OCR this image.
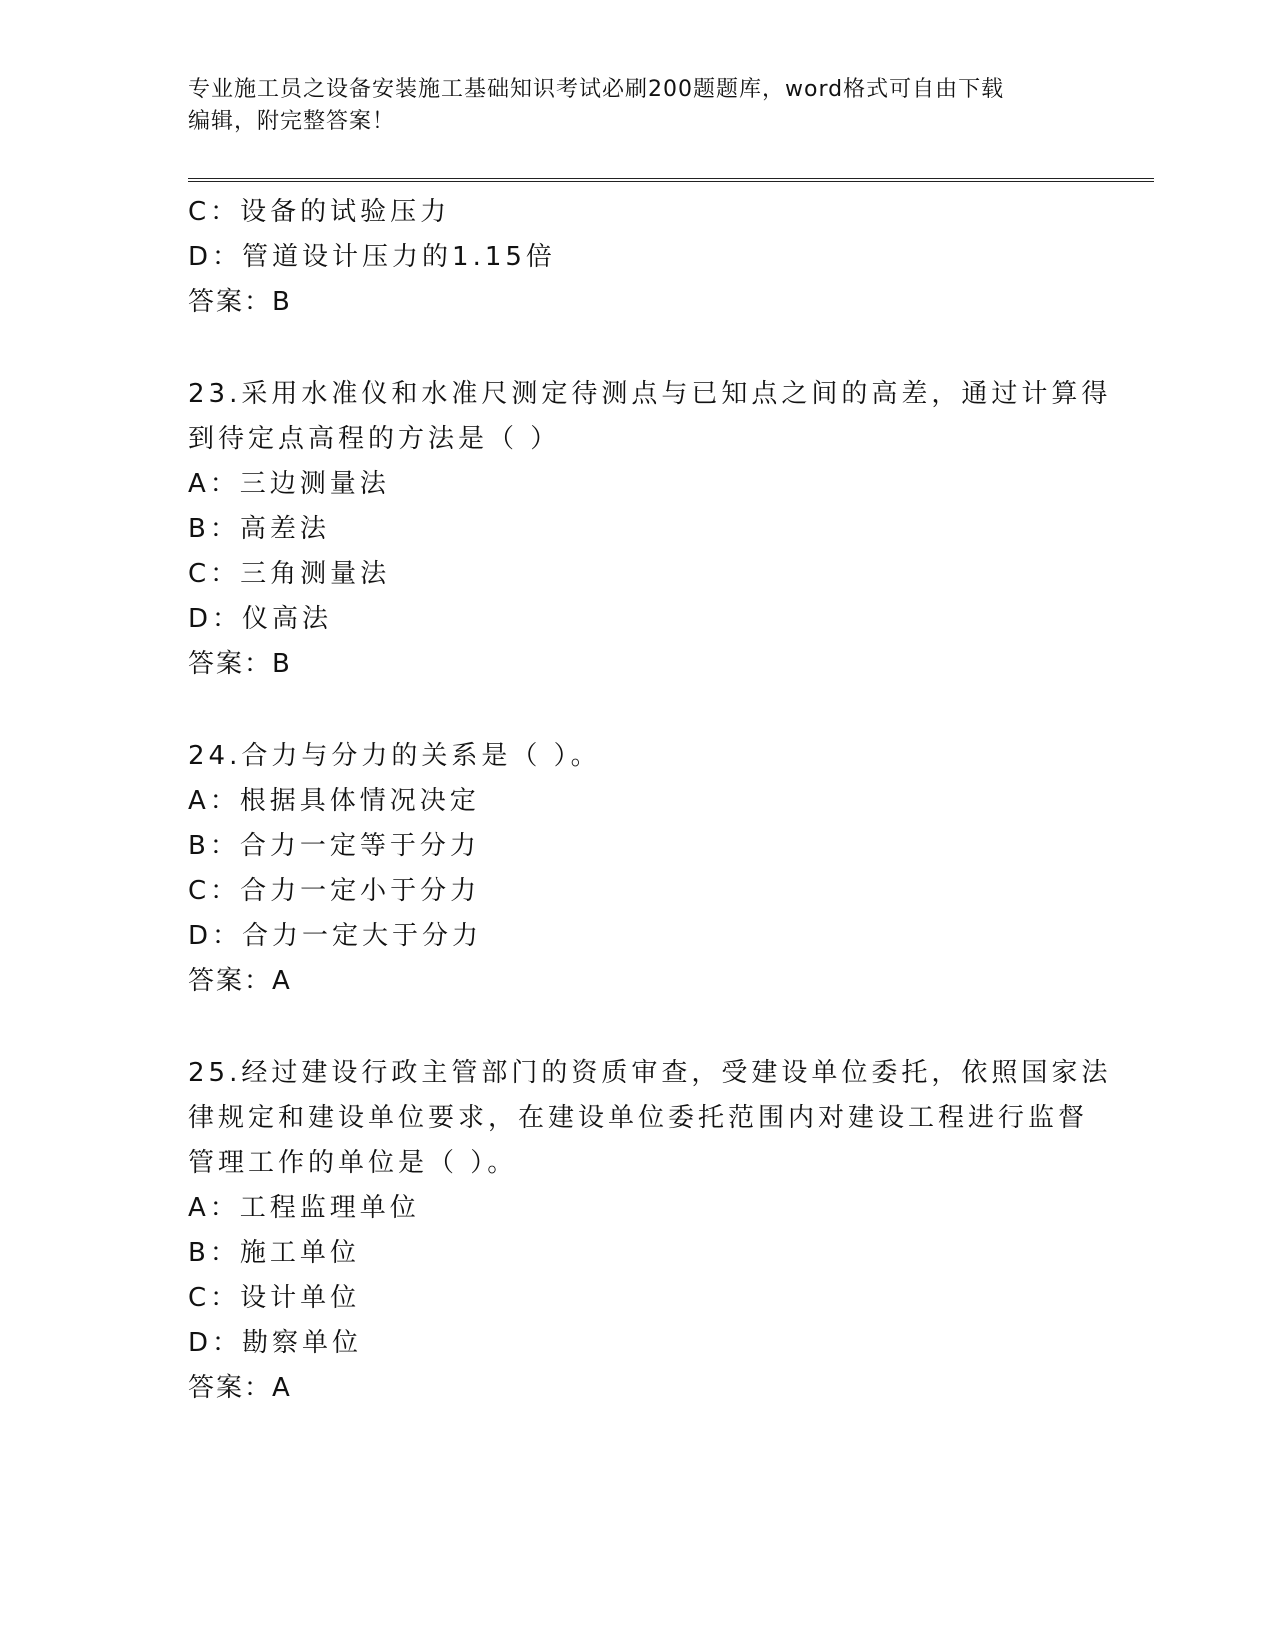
专业施工员之设备安装施工基础知识考试必刷200题题库，word格式可自由下载
编辑，附完整答案！
C：设备的试验压力
D：管道设计压力的1.15倍
答案：B
23.采用水准仪和水准尺测定待测点与已知点之间的高差，通过计算得
到待定点高程的方法是（ ）
A：三边测量法
B：高差法
C：三角测量法
D：仪高法
答案：B
24.合力与分力的关系是（ ）。
A：根据具体情况决定
B：合力一定等于分力
C：合力一定小于分力
D：合力一定大于分力
答案：A
25.经过建设行政主管部门的资质审查，受建设单位委托，依照国家法
律规定和建设单位要求，在建设单位委托范围内对建设工程进行监督
管理工作的单位是（ ）。
A：工程监理单位
B：施工单位
C：设计单位
D：勘察单位
答案：A
